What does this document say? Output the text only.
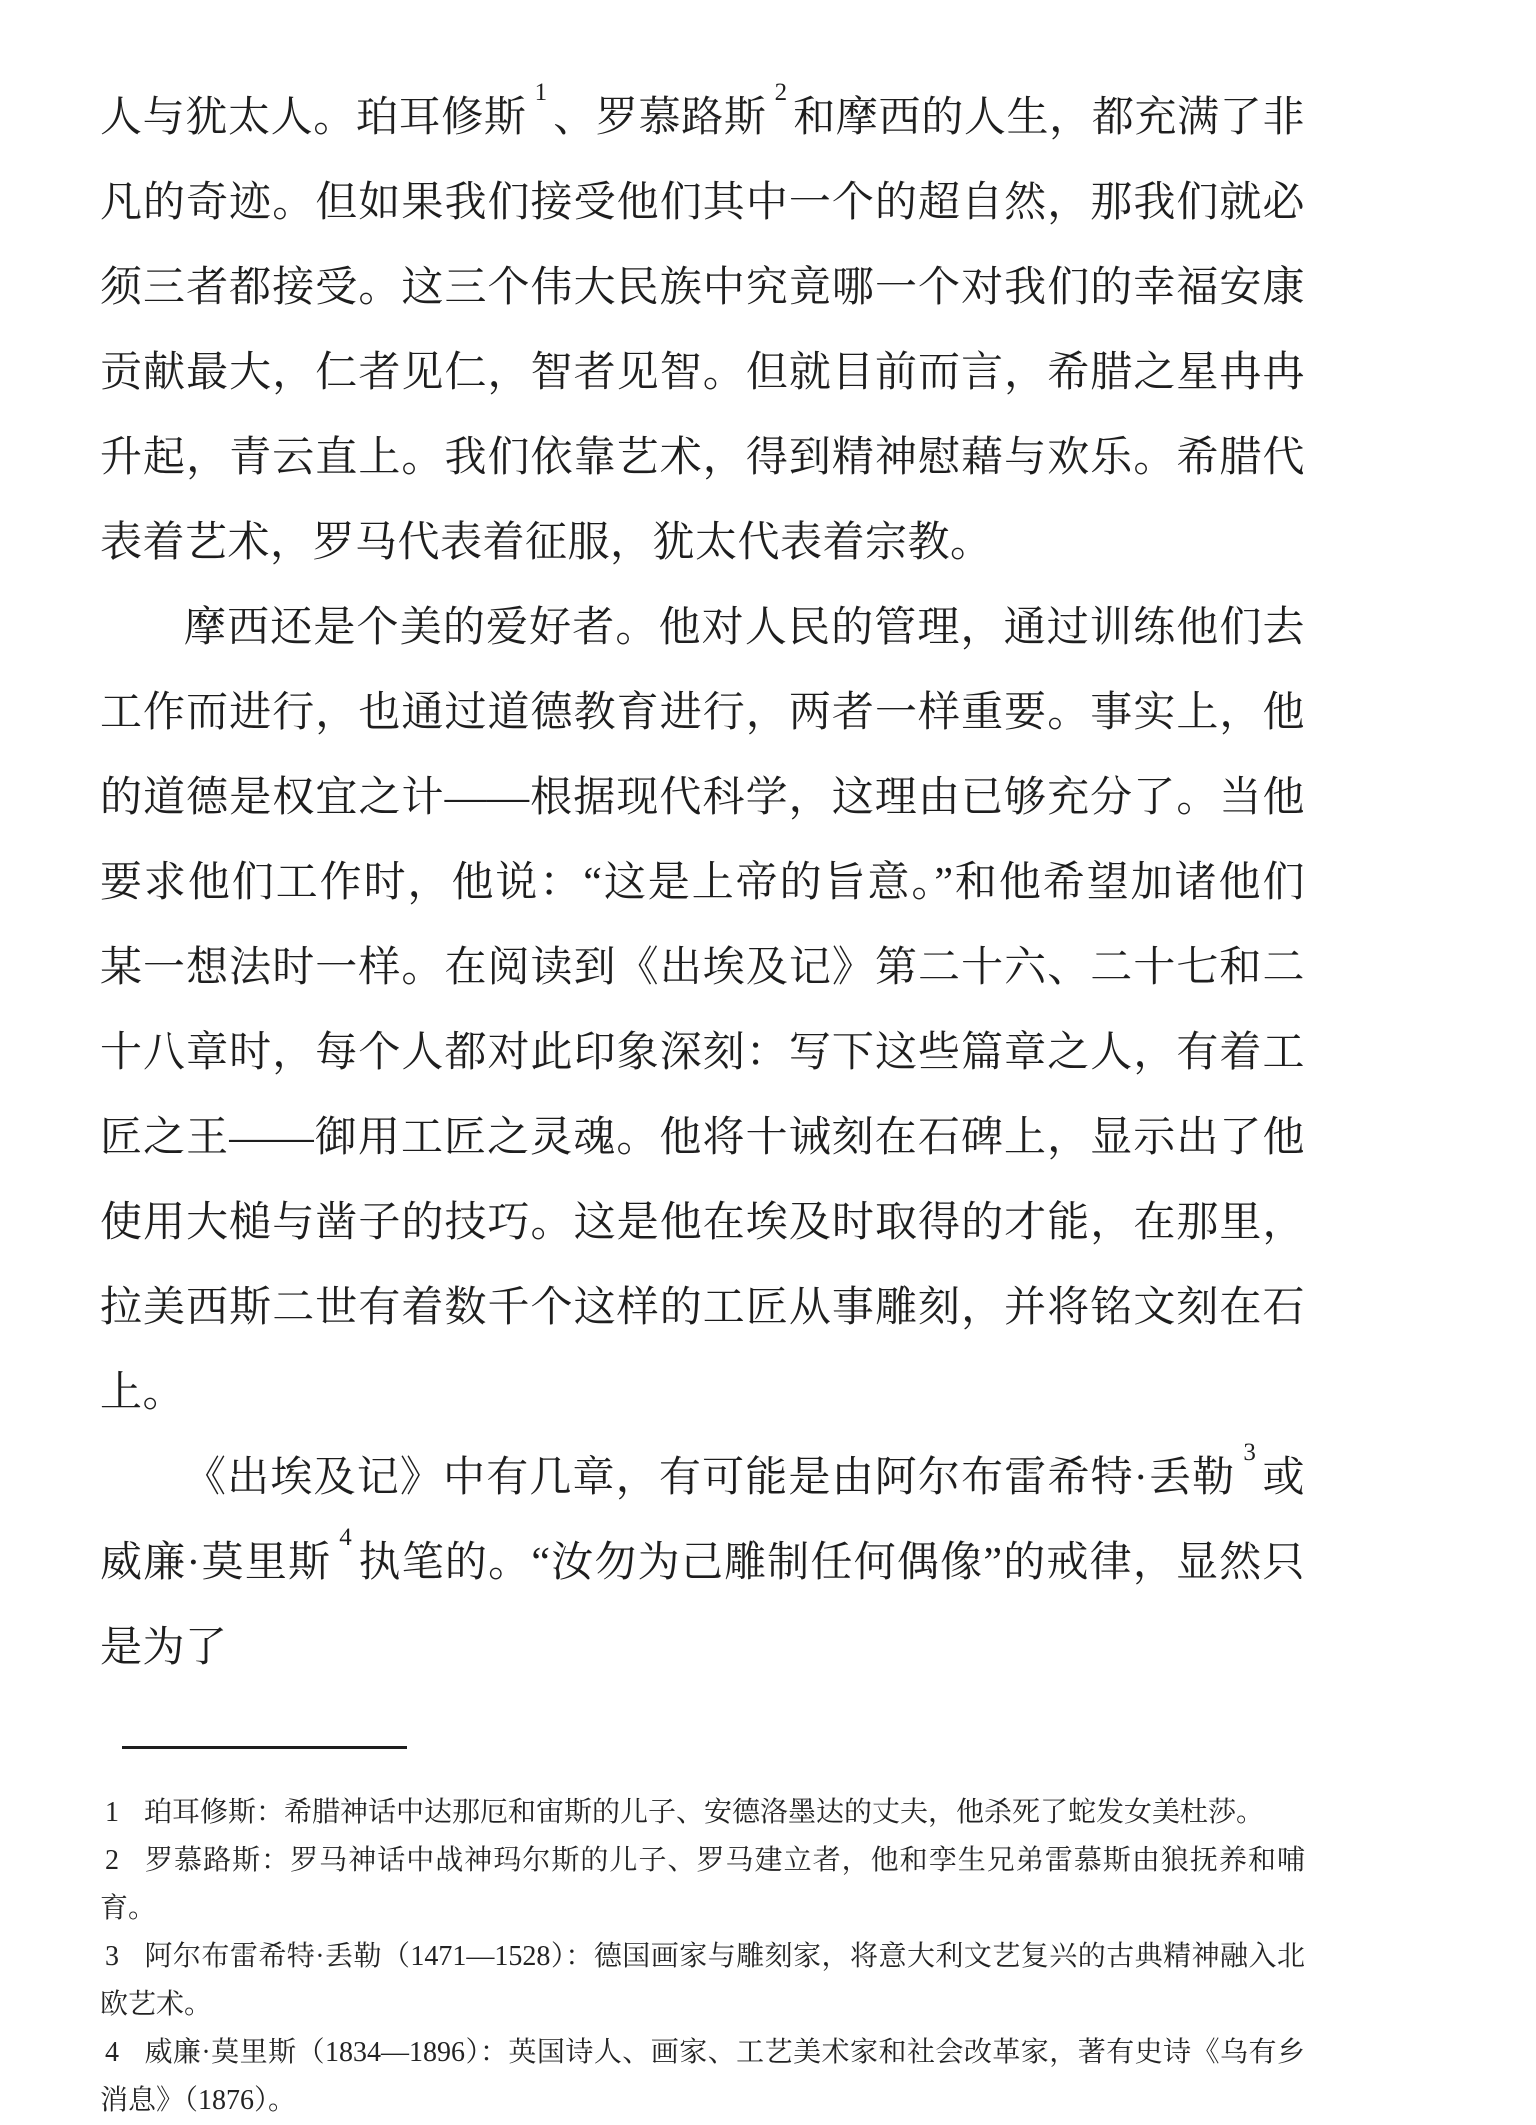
人与犹太人。珀耳修斯$^1$、罗慕路斯$^2$和摩西的人生，都充满了非凡的奇迹。但如果我们接受他们其中一个的超自然，那我们就必须三者都接受。这三个伟大民族中究竟哪一个对我们的幸福安康贡献最大，仁者见仁，智者见智。但就目前而言，希腊之星冉冉升起，青云直上。我们依靠艺术，得到精神慰藉与欢乐。希腊代表着艺术，罗马代表着征服，犹太代表着宗教。

摩西还是个美的爱好者。他对人民的管理，通过训练他们去工作而进行，也通过道德教育进行，两者一样重要。事实上，他的道德是权宜之计——根据现代科学，这理由已够充分了。当他要求他们工作时，他说：“这是上帝的旨意。”和他希望加诸他们某一想法时一样。在阅读到《出埃及记》第二十六、二十七和二十八章时，每个人都对此印象深刻：写下这些篇章之人，有着工匠之王——御用工匠之灵魂。他将十诫刻在石碑上，显示出了他使用大槌与凿子的技巧。这是他在埃及时取得的才能，在那里，拉美西斯二世有着数千个这样的工匠从事雕刻，并将铭文刻在石上。

《出埃及记》中有几章，有可能是由阿尔布雷希特·丢勒$^3$或威廉·莫里斯$^4$执笔的。“汝勿为己雕制任何偶像”的戒律，显然只是为了

1 珀耳修斯：希腊神话中达那厄和宙斯的儿子、安德洛墨达的丈夫，他杀死了蛇发女美杜莎。

2 罗慕路斯：罗马神话中战神玛尔斯的儿子、罗马建立者，他和孪生兄弟雷慕斯由狼抚养和哺育。

3 阿尔布雷希特·丢勒（1471—1528）：德国画家与雕刻家，将意大利文艺复兴的古典精神融入北欧艺术。

4 威廉·莫里斯（1834—1896）：英国诗人、画家、工艺美术家和社会改革家，著有史诗《乌有乡消息》（1876）。
